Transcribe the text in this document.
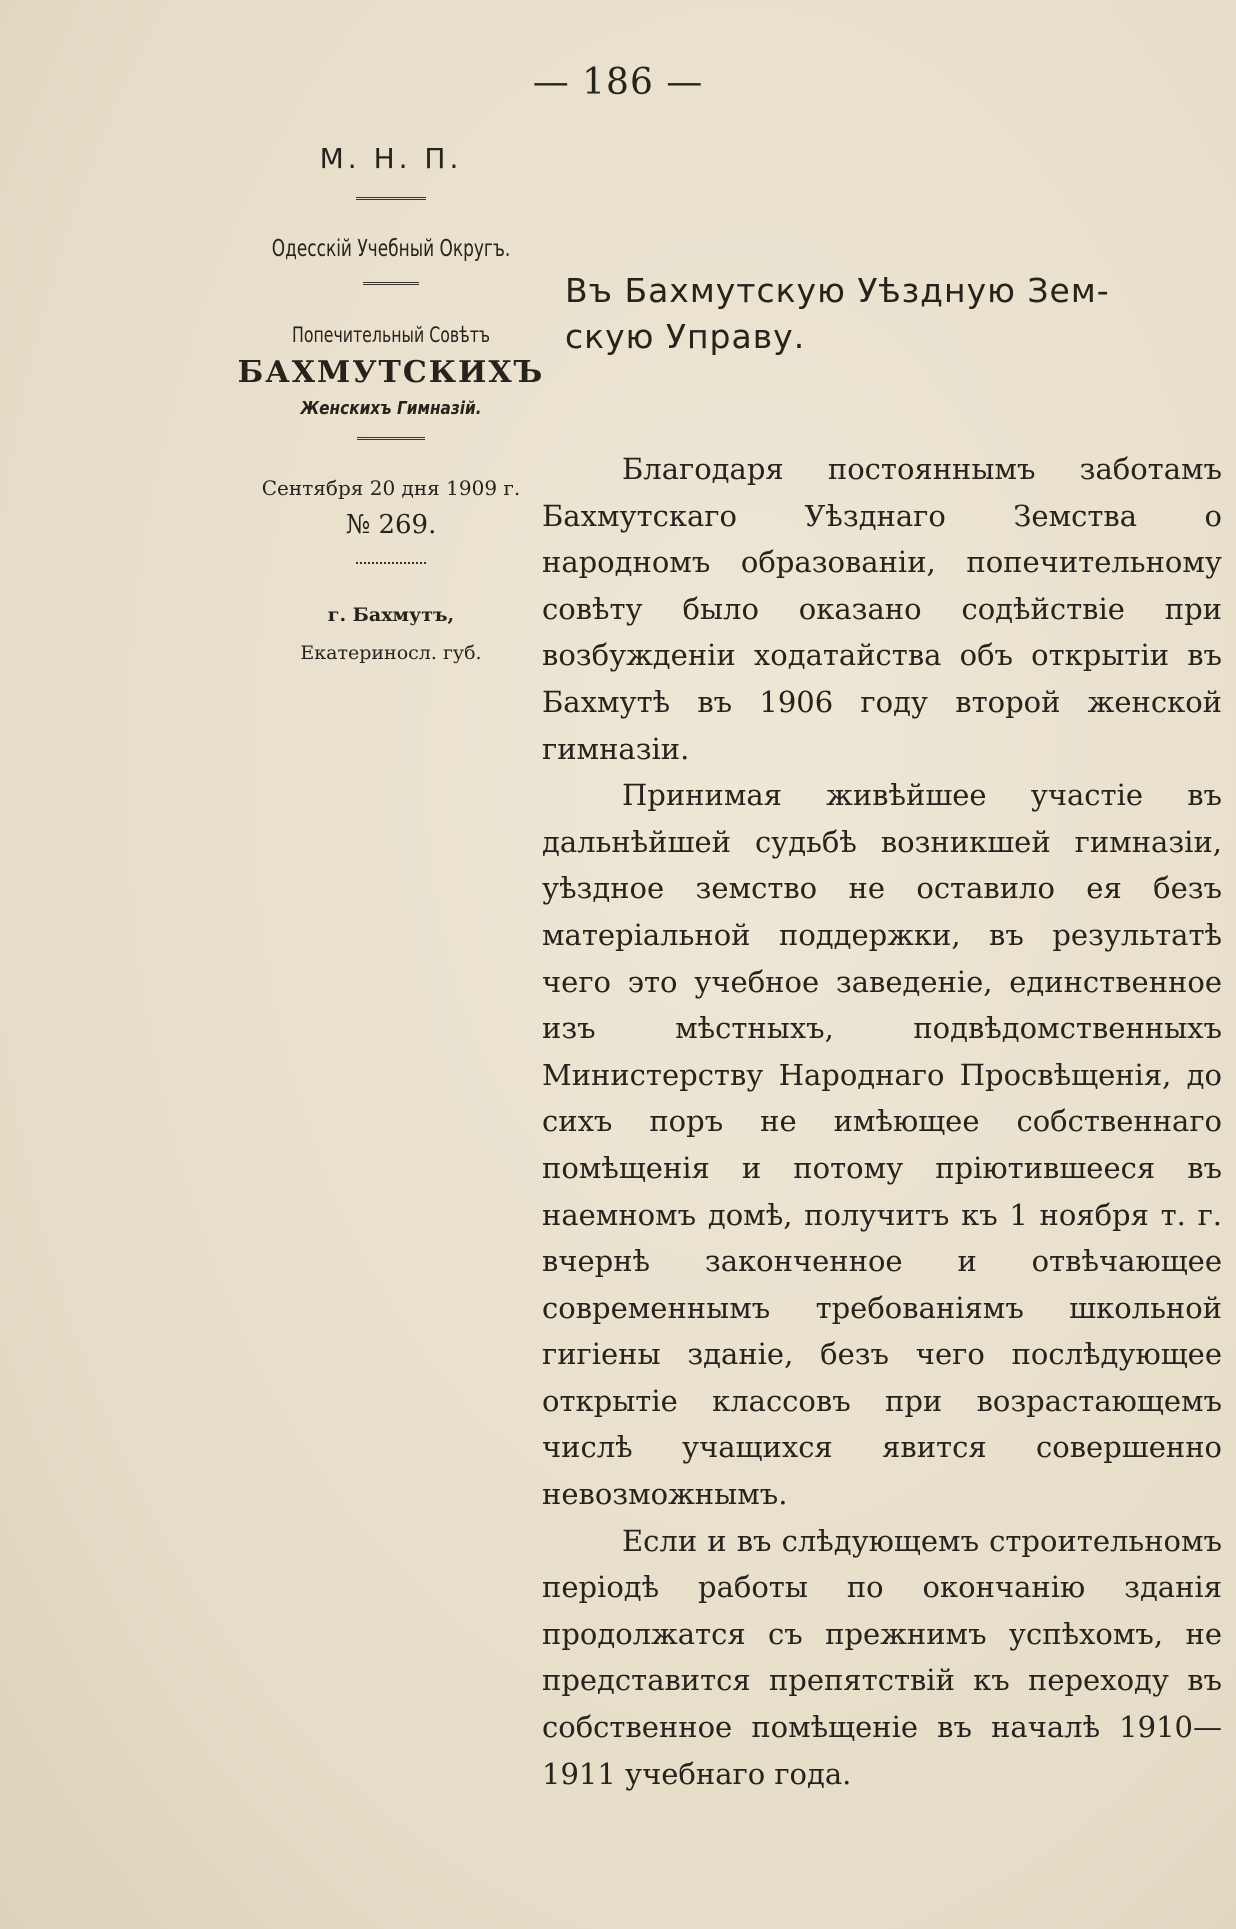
— 186 —
М. Н. П.
Одесскій Учебный Округъ.
Попечительный Совѣтъ
БАХМУТСКИХЪ
Женскихъ Гимназій.
Сентября 20 дня 1909 г.
№ 269.
г. Бахмутъ,
Екатериносл. губ.
Въ Бахмутскую Уѣздную Зем-

скую Управу.

Благодаря постояннымъ заботамъ Бахмутскаго Уѣзднаго Земства о народномъ образованіи, попечительному совѣту было оказано содѣйствіе при возбужденіи ходатайства объ открытіи въ Бахмутѣ въ 1906 году второй женской гимназіи.

Принимая живѣйшее участіе въ дальнѣйшей судьбѣ возникшей гимназіи, уѣздное земство не оставило ея безъ матеріальной поддержки, въ результатѣ чего это учебное заведеніе, единственное изъ мѣстныхъ, подвѣдомственныхъ Министерству Народнаго Просвѣщенія, до сихъ поръ не имѣющее собственнаго помѣщенія и потому пріютившееся въ наемномъ домѣ, получитъ къ 1 ноября т. г. вчернѣ законченное и отвѣчающее современнымъ требованіямъ школьной гигіены зданіе, безъ чего послѣдующее открытіе классовъ при возрастающемъ числѣ учащихся явится совершенно невозможнымъ.

Если и въ слѣдующемъ строительномъ періодѣ работы по окончанію зданія продолжатся съ прежнимъ успѣхомъ, не представится препятствій къ переходу въ собственное помѣщеніе въ началѣ 1910—1911 учебнаго года.
